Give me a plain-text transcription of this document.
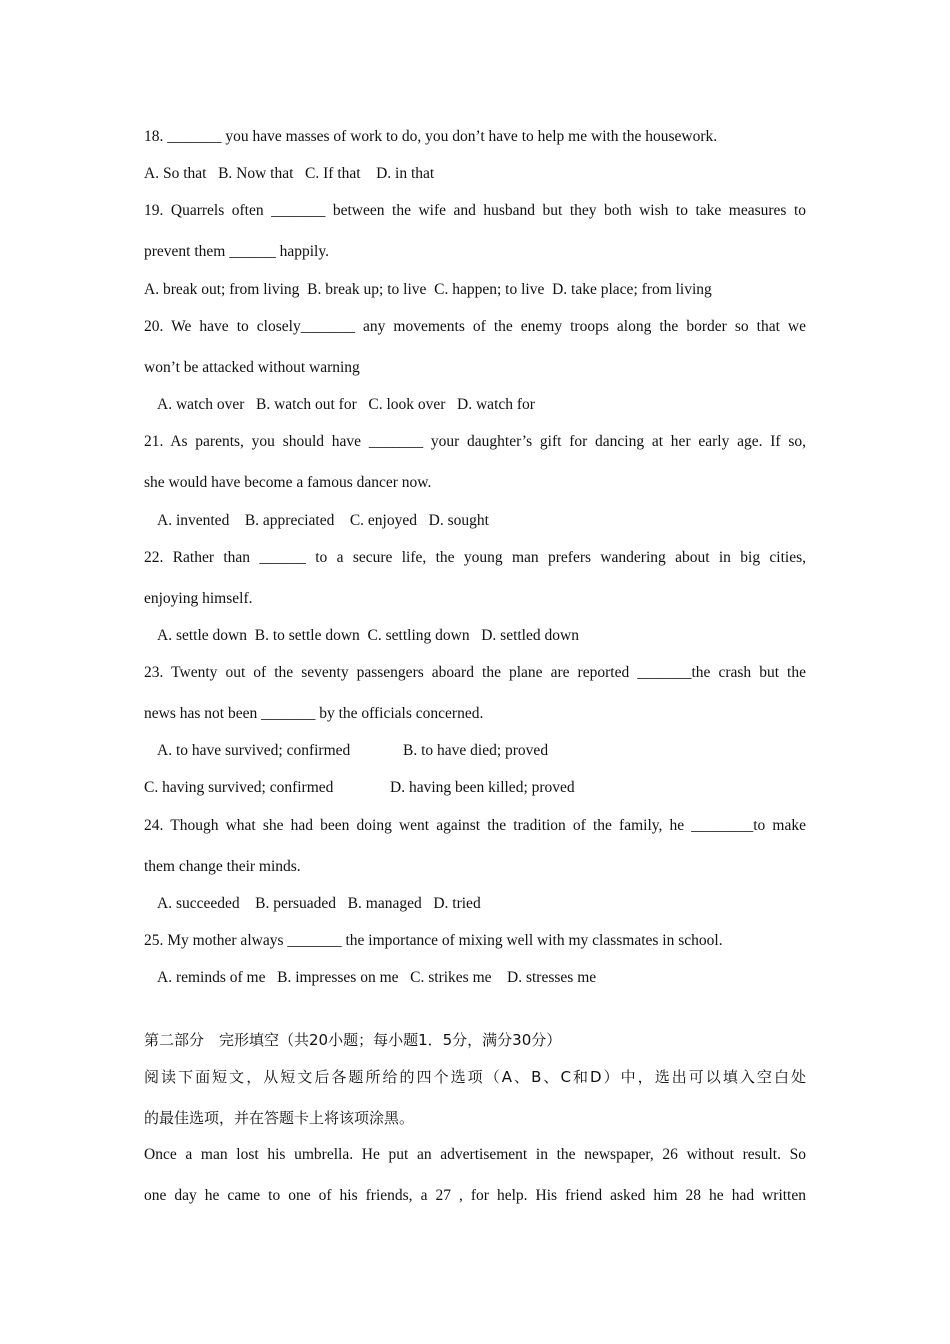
18. _______ you have masses of work to do, you don’t have to help me with the housework.
A. So that B. Now that C. If that D. in that
19. Quarrels often _______ between the wife and husband but they both wish to take measures to
prevent them ______ happily.
A. break out; from living B. break up; to live C. happen; to live D. take place; from living
20. We have to closely_______ any movements of the enemy troops along the border so that we
won’t be attacked without warning
A. watch over B. watch out for C. look over D. watch for
21. As parents, you should have _______ your daughter’s gift for dancing at her early age. If so,
she would have become a famous dancer now.
A. invented B. appreciated C. enjoyed D. sought
22. Rather than ______ to a secure life, the young man prefers wandering about in big cities,
enjoying himself.
A. settle down B. to settle down C. settling down D. settled down
23. Twenty out of the seventy passengers aboard the plane are reported _______the crash but the
news has not been _______ by the officials concerned.
A. to have survived; confirmed	B. to have died; proved
C. having survived; confirmed	D. having been killed; proved
24. Though what she had been doing went against the tradition of the family, he ________to make
them change their minds.
A. succeeded B. persuaded B. managed D. tried
25. My mother always _______ the importance of mixing well with my classmates in school.
A. reminds of me B. impresses on me C. strikes me D. stresses me
第二部分　完形填空（共20小题；每小题1．5分，满分30分）
阅读下面短文，从短文后各题所给的四个选项（A、B、C和D）中，选出可以填入空白处
的最佳选项，并在答题卡上将该项涂黑。
Once a man lost his umbrella. He put an advertisement in the newspaper, 26 without result. So
one day he came to one of his friends, a 27 , for help. His friend asked him 28 he had written
